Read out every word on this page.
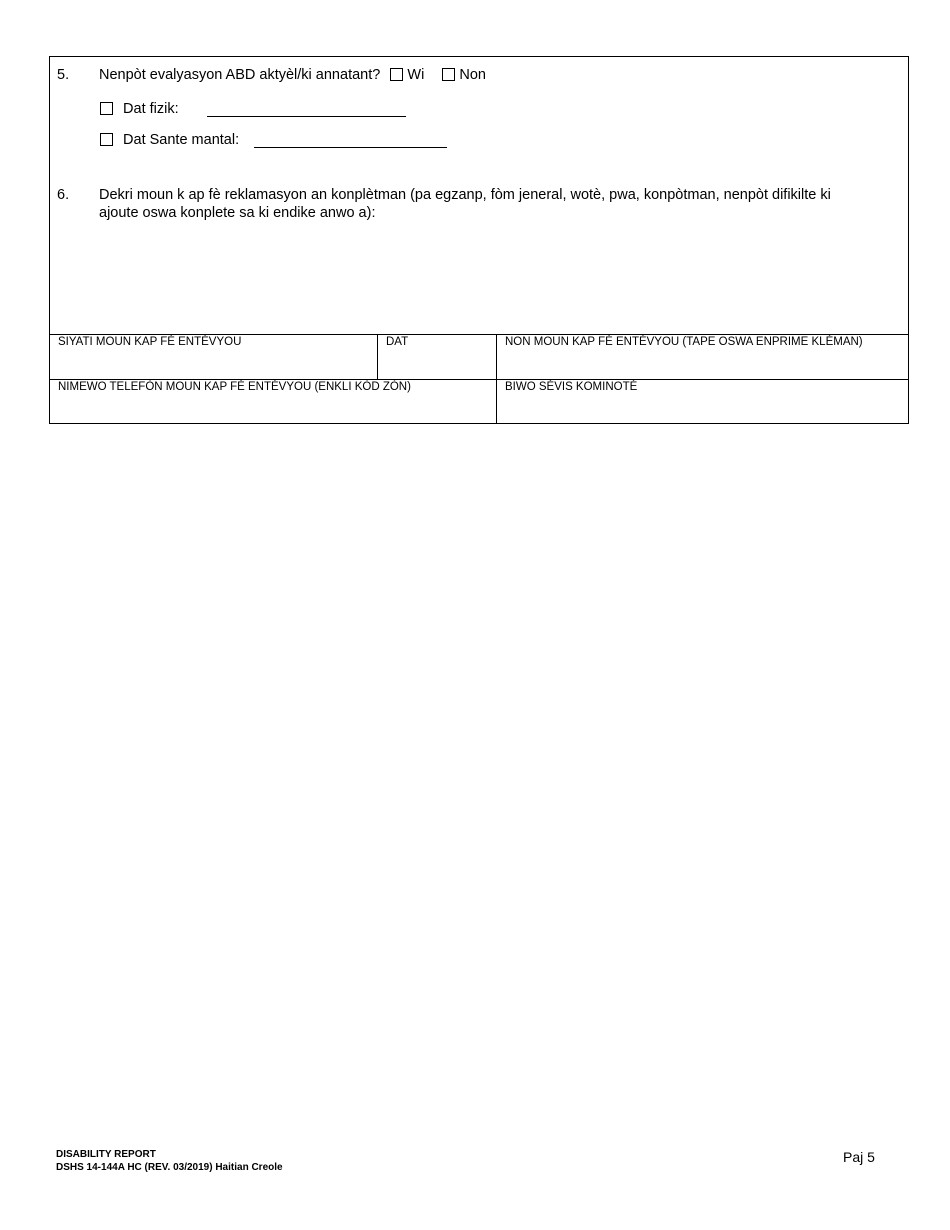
5. Nenpòt evalyasyon ABD aktyèl/ki annatant? Wi Non
Dat fizik:
Dat Sante mantal:
6. Dekri moun k ap fè reklamasyon an konplètman (pa egzanp, fòm jeneral, wotè, pwa, konpòtman, nenpòt difikilte ki
ajoute oswa konplete sa ki endike anwo a):
SIYATI MOUN KAP FÈ ENTÈVYOU	DAT	NON MOUN KAP FÈ ENTÈVYOU (TAPE OSWA ENPRIME KLÈMAN)
NIMEWO TELEFÒN MOUN KAP FÈ ENTÈVYOU (ENKLI KÒD ZÒN)	BIWO SÈVIS KOMINOTÈ
DISABILITY REPORT
DSHS 14-144A HC (REV. 03/2019) Haitian Creole
Paj 5
